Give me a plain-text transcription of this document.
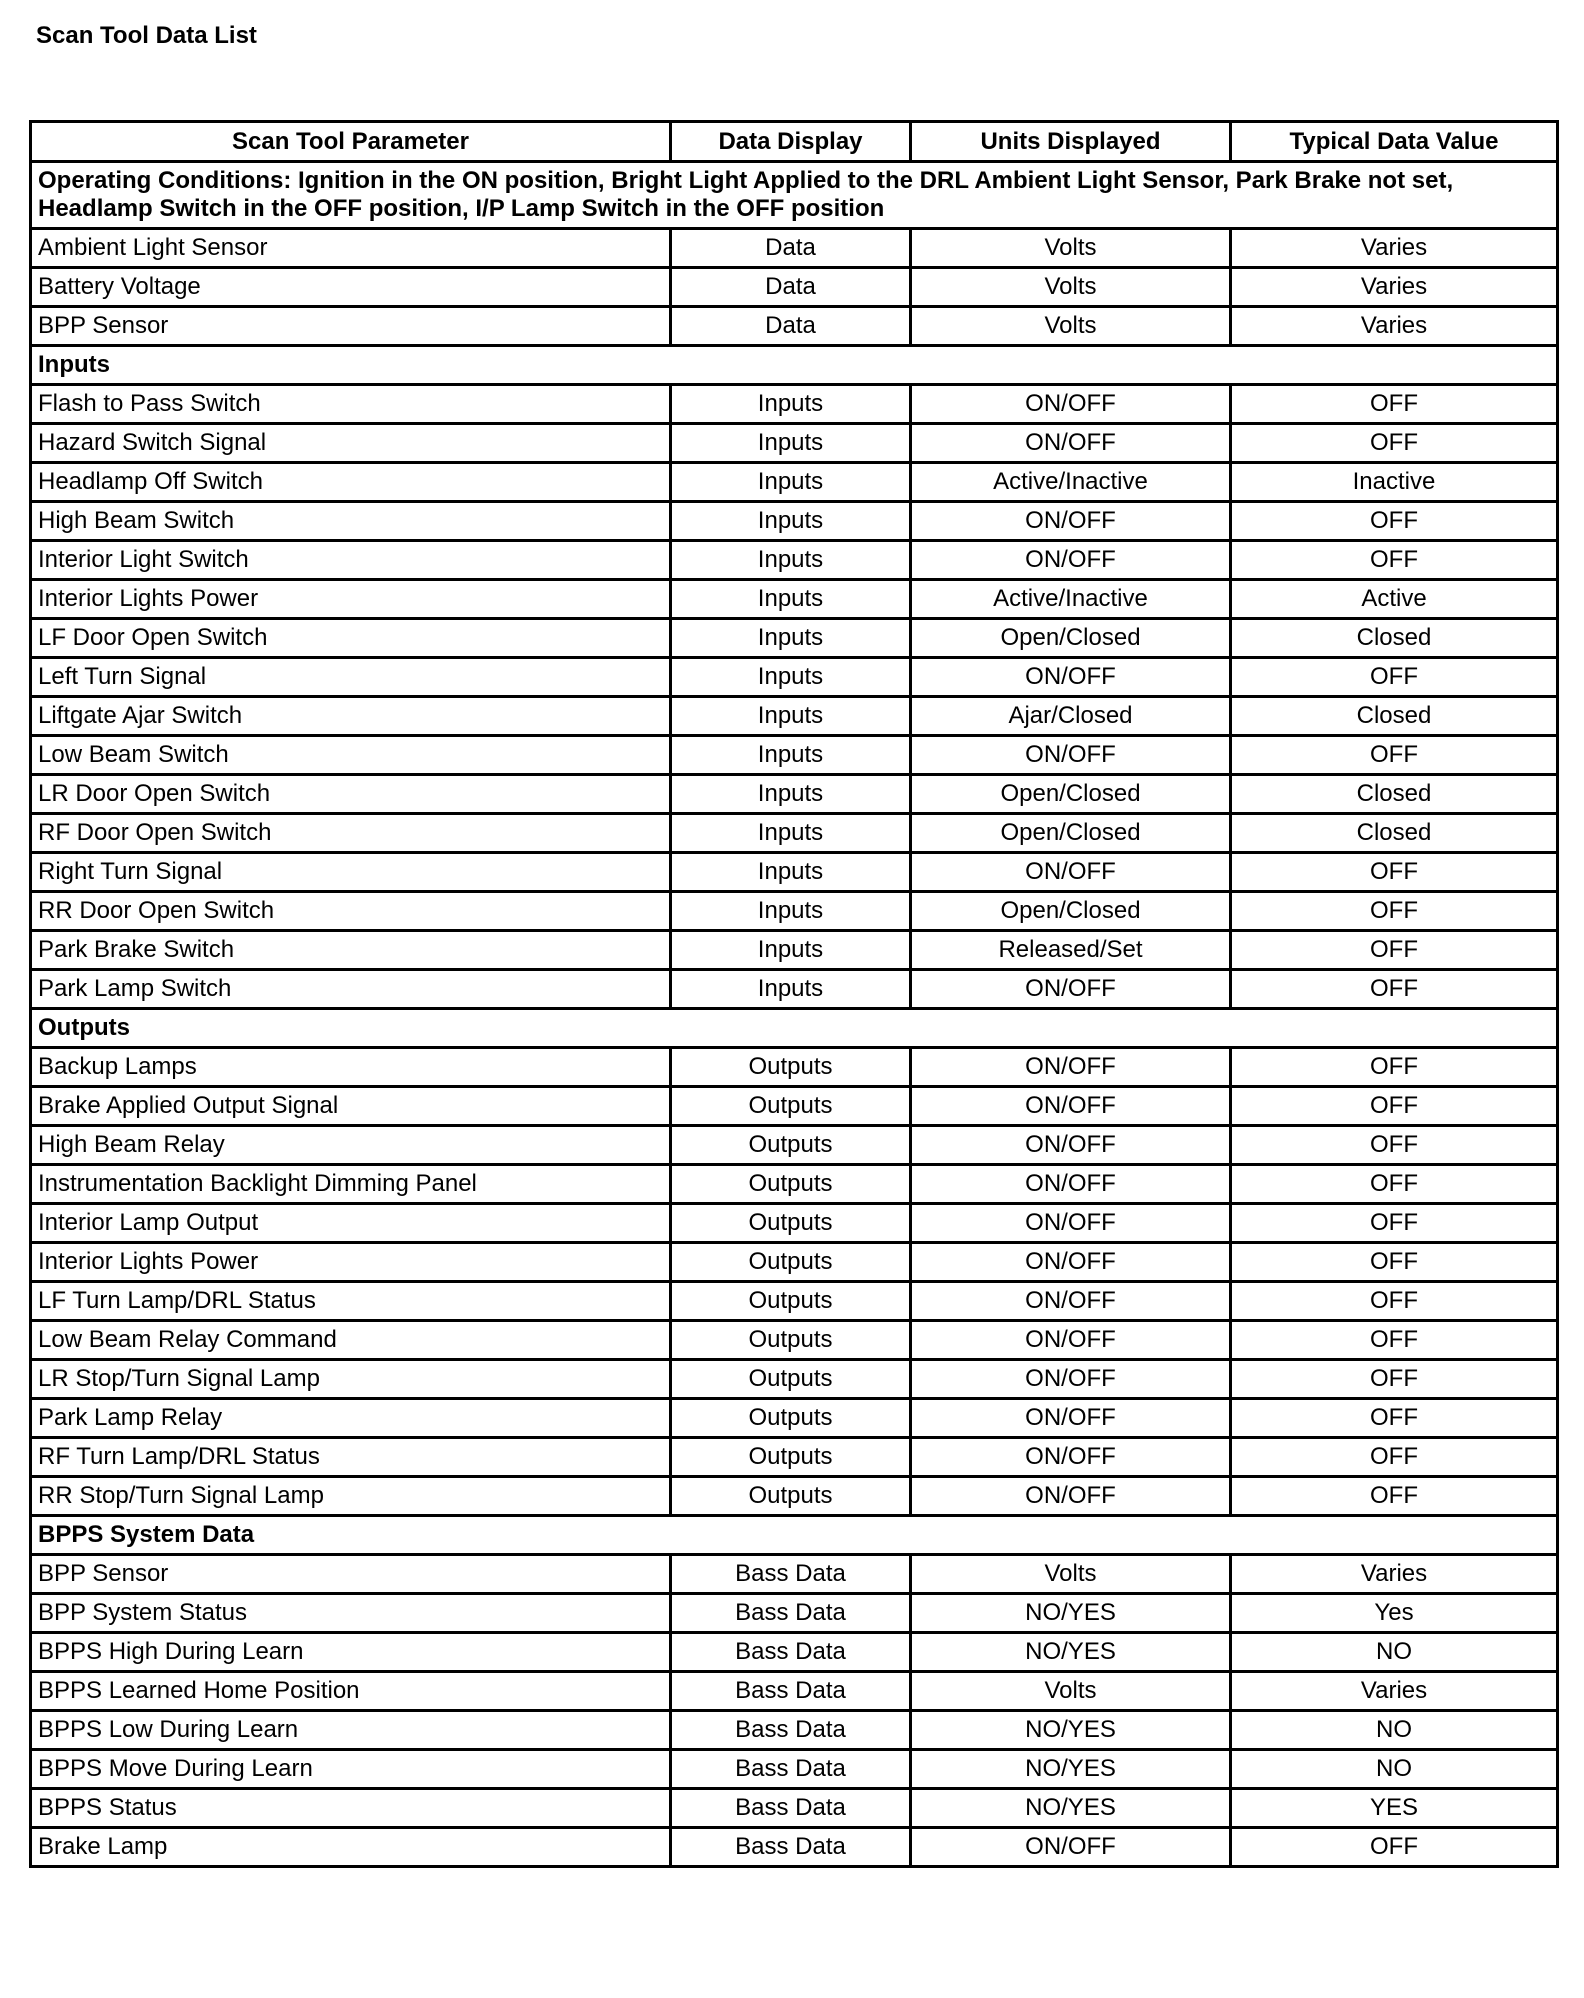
Scan Tool Data List
Scan Tool Parameter	Data Display	Units Displayed	Typical Data Value
Operating Conditions: Ignition in the ON position, Bright Light Applied to the DRL Ambient Light Sensor, Park Brake not set, Headlamp Switch in the OFF position, I/P Lamp Switch in the OFF position			
Ambient Light Sensor	Data	Volts	Varies
Battery Voltage	Data	Volts	Varies
BPP Sensor	Data	Volts	Varies
Inputs			
Flash to Pass Switch	Inputs	ON/OFF	OFF
Hazard Switch Signal	Inputs	ON/OFF	OFF
Headlamp Off Switch	Inputs	Active/Inactive	Inactive
High Beam Switch	Inputs	ON/OFF	OFF
Interior Light Switch	Inputs	ON/OFF	OFF
Interior Lights Power	Inputs	Active/Inactive	Active
LF Door Open Switch	Inputs	Open/Closed	Closed
Left Turn Signal	Inputs	ON/OFF	OFF
Liftgate Ajar Switch	Inputs	Ajar/Closed	Closed
Low Beam Switch	Inputs	ON/OFF	OFF
LR Door Open Switch	Inputs	Open/Closed	Closed
RF Door Open Switch	Inputs	Open/Closed	Closed
Right Turn Signal	Inputs	ON/OFF	OFF
RR Door Open Switch	Inputs	Open/Closed	OFF
Park Brake Switch	Inputs	Released/Set	OFF
Park Lamp Switch	Inputs	ON/OFF	OFF
Outputs			
Backup Lamps	Outputs	ON/OFF	OFF
Brake Applied Output Signal	Outputs	ON/OFF	OFF
High Beam Relay	Outputs	ON/OFF	OFF
Instrumentation Backlight Dimming Panel	Outputs	ON/OFF	OFF
Interior Lamp Output	Outputs	ON/OFF	OFF
Interior Lights Power	Outputs	ON/OFF	OFF
LF Turn Lamp/DRL Status	Outputs	ON/OFF	OFF
Low Beam Relay Command	Outputs	ON/OFF	OFF
LR Stop/Turn Signal Lamp	Outputs	ON/OFF	OFF
Park Lamp Relay	Outputs	ON/OFF	OFF
RF Turn Lamp/DRL Status	Outputs	ON/OFF	OFF
RR Stop/Turn Signal Lamp	Outputs	ON/OFF	OFF
BPPS System Data			
BPP Sensor	Bass Data	Volts	Varies
BPP System Status	Bass Data	NO/YES	Yes
BPPS High During Learn	Bass Data	NO/YES	NO
BPPS Learned Home Position	Bass Data	Volts	Varies
BPPS Low During Learn	Bass Data	NO/YES	NO
BPPS Move During Learn	Bass Data	NO/YES	NO
BPPS Status	Bass Data	NO/YES	YES
Brake Lamp	Bass Data	ON/OFF	OFF
